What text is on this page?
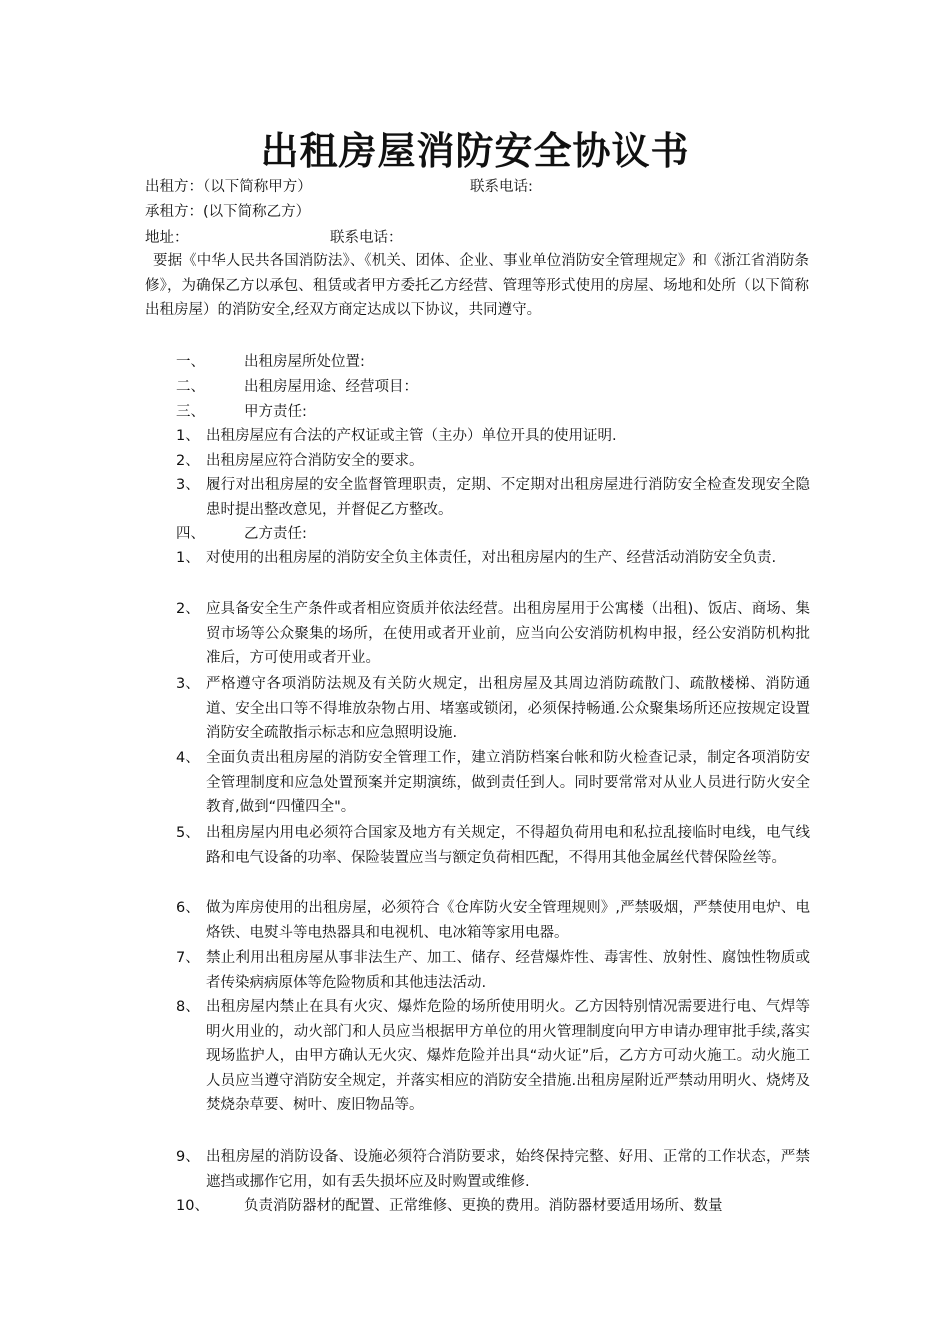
出租房屋消防安全协议书
出租方：（以下简称甲方）	联系电话:
承租方：(以下简称乙方）
地址：	联系电话：
要据《中华人民共各国消防法》、《机关、团体、企业、事业单位消防安全管理规定》和《浙江省消防条修》，为确保乙方以承包、租赁或者甲方委托乙方经营、管理等形式使用的房屋、场地和处所（以下简称出租房屋）的消防安全,经双方商定达成以下协议，共同遵守。
一、	出租房屋所处位置:
二、	出租房屋用途、经营项目：
三、	甲方责任:
1、 出租房屋应有合法的产权证或主管（主办）单位开具的使用证明.
2、 出租房屋应符合消防安全的要求。
3、 履行对出租房屋的安全监督管理职责，定期、不定期对出租房屋进行消防安全检查发现安全隐患时提出整改意见，并督促乙方整改。
四、	乙方责任:
1、 对使用的出租房屋的消防安全负主体责任，对出租房屋内的生产、经营活动消防安全负责.
2、 应具备安全生产条件或者相应资质并依法经营。出租房屋用于公寓楼（出租)、饭店、商场、集贸市场等公众聚集的场所，在使用或者开业前，应当向公安消防机构申报，经公安消防机构批准后，方可使用或者开业。
3、 严格遵守各项消防法规及有关防火规定，出租房屋及其周边消防疏散门、疏散楼梯、消防通道、安全出口等不得堆放杂物占用、堵塞或锁闭，必须保持畅通.公众聚集场所还应按规定设置消防安全疏散指示标志和应急照明设施.
4、 全面负责出租房屋的消防安全管理工作，建立消防档案台帐和防火检查记录，制定各项消防安全管理制度和应急处置预案并定期演练，做到责任到人。同时要常常对从业人员进行防火安全教育,做到“四懂四全"。
5、 出租房屋内用电必须符合国家及地方有关规定，不得超负荷用电和私拉乱接临时电线，电气线路和电气设备的功率、保险装置应当与额定负荷相匹配，不得用其他金属丝代替保险丝等。
6、 做为库房使用的出租房屋，必须符合《仓库防火安全管理规则》,严禁吸烟，严禁使用电炉、电烙铁、电熨斗等电热器具和电视机、电冰箱等家用电器。
7、 禁止利用出租房屋从事非法生产、加工、储存、经营爆炸性、毒害性、放射性、腐蚀性物质或者传染病病原体等危险物质和其他违法活动.
8、 出租房屋内禁止在具有火灾、爆炸危险的场所使用明火。乙方因特别情况需要进行电、气焊等明火用业的，动火部门和人员应当根据甲方单位的用火管理制度向甲方申请办理审批手续,落实现场监护人，由甲方确认无火灾、爆炸危险并出具“动火证”后，乙方方可动火施工。动火施工人员应当遵守消防安全规定，并落实相应的消防安全措施.出租房屋附近严禁动用明火、烧烤及焚烧杂草要、树叶、废旧物品等。
9、 出租房屋的消防设备、设施必须符合消防要求，始终保持完整、好用、正常的工作状态，严禁遮挡或挪作它用，如有丢失损坏应及时购置或维修.
10、	负责消防器材的配置、正常维修、更换的费用。消防器材要适用场所、数量
